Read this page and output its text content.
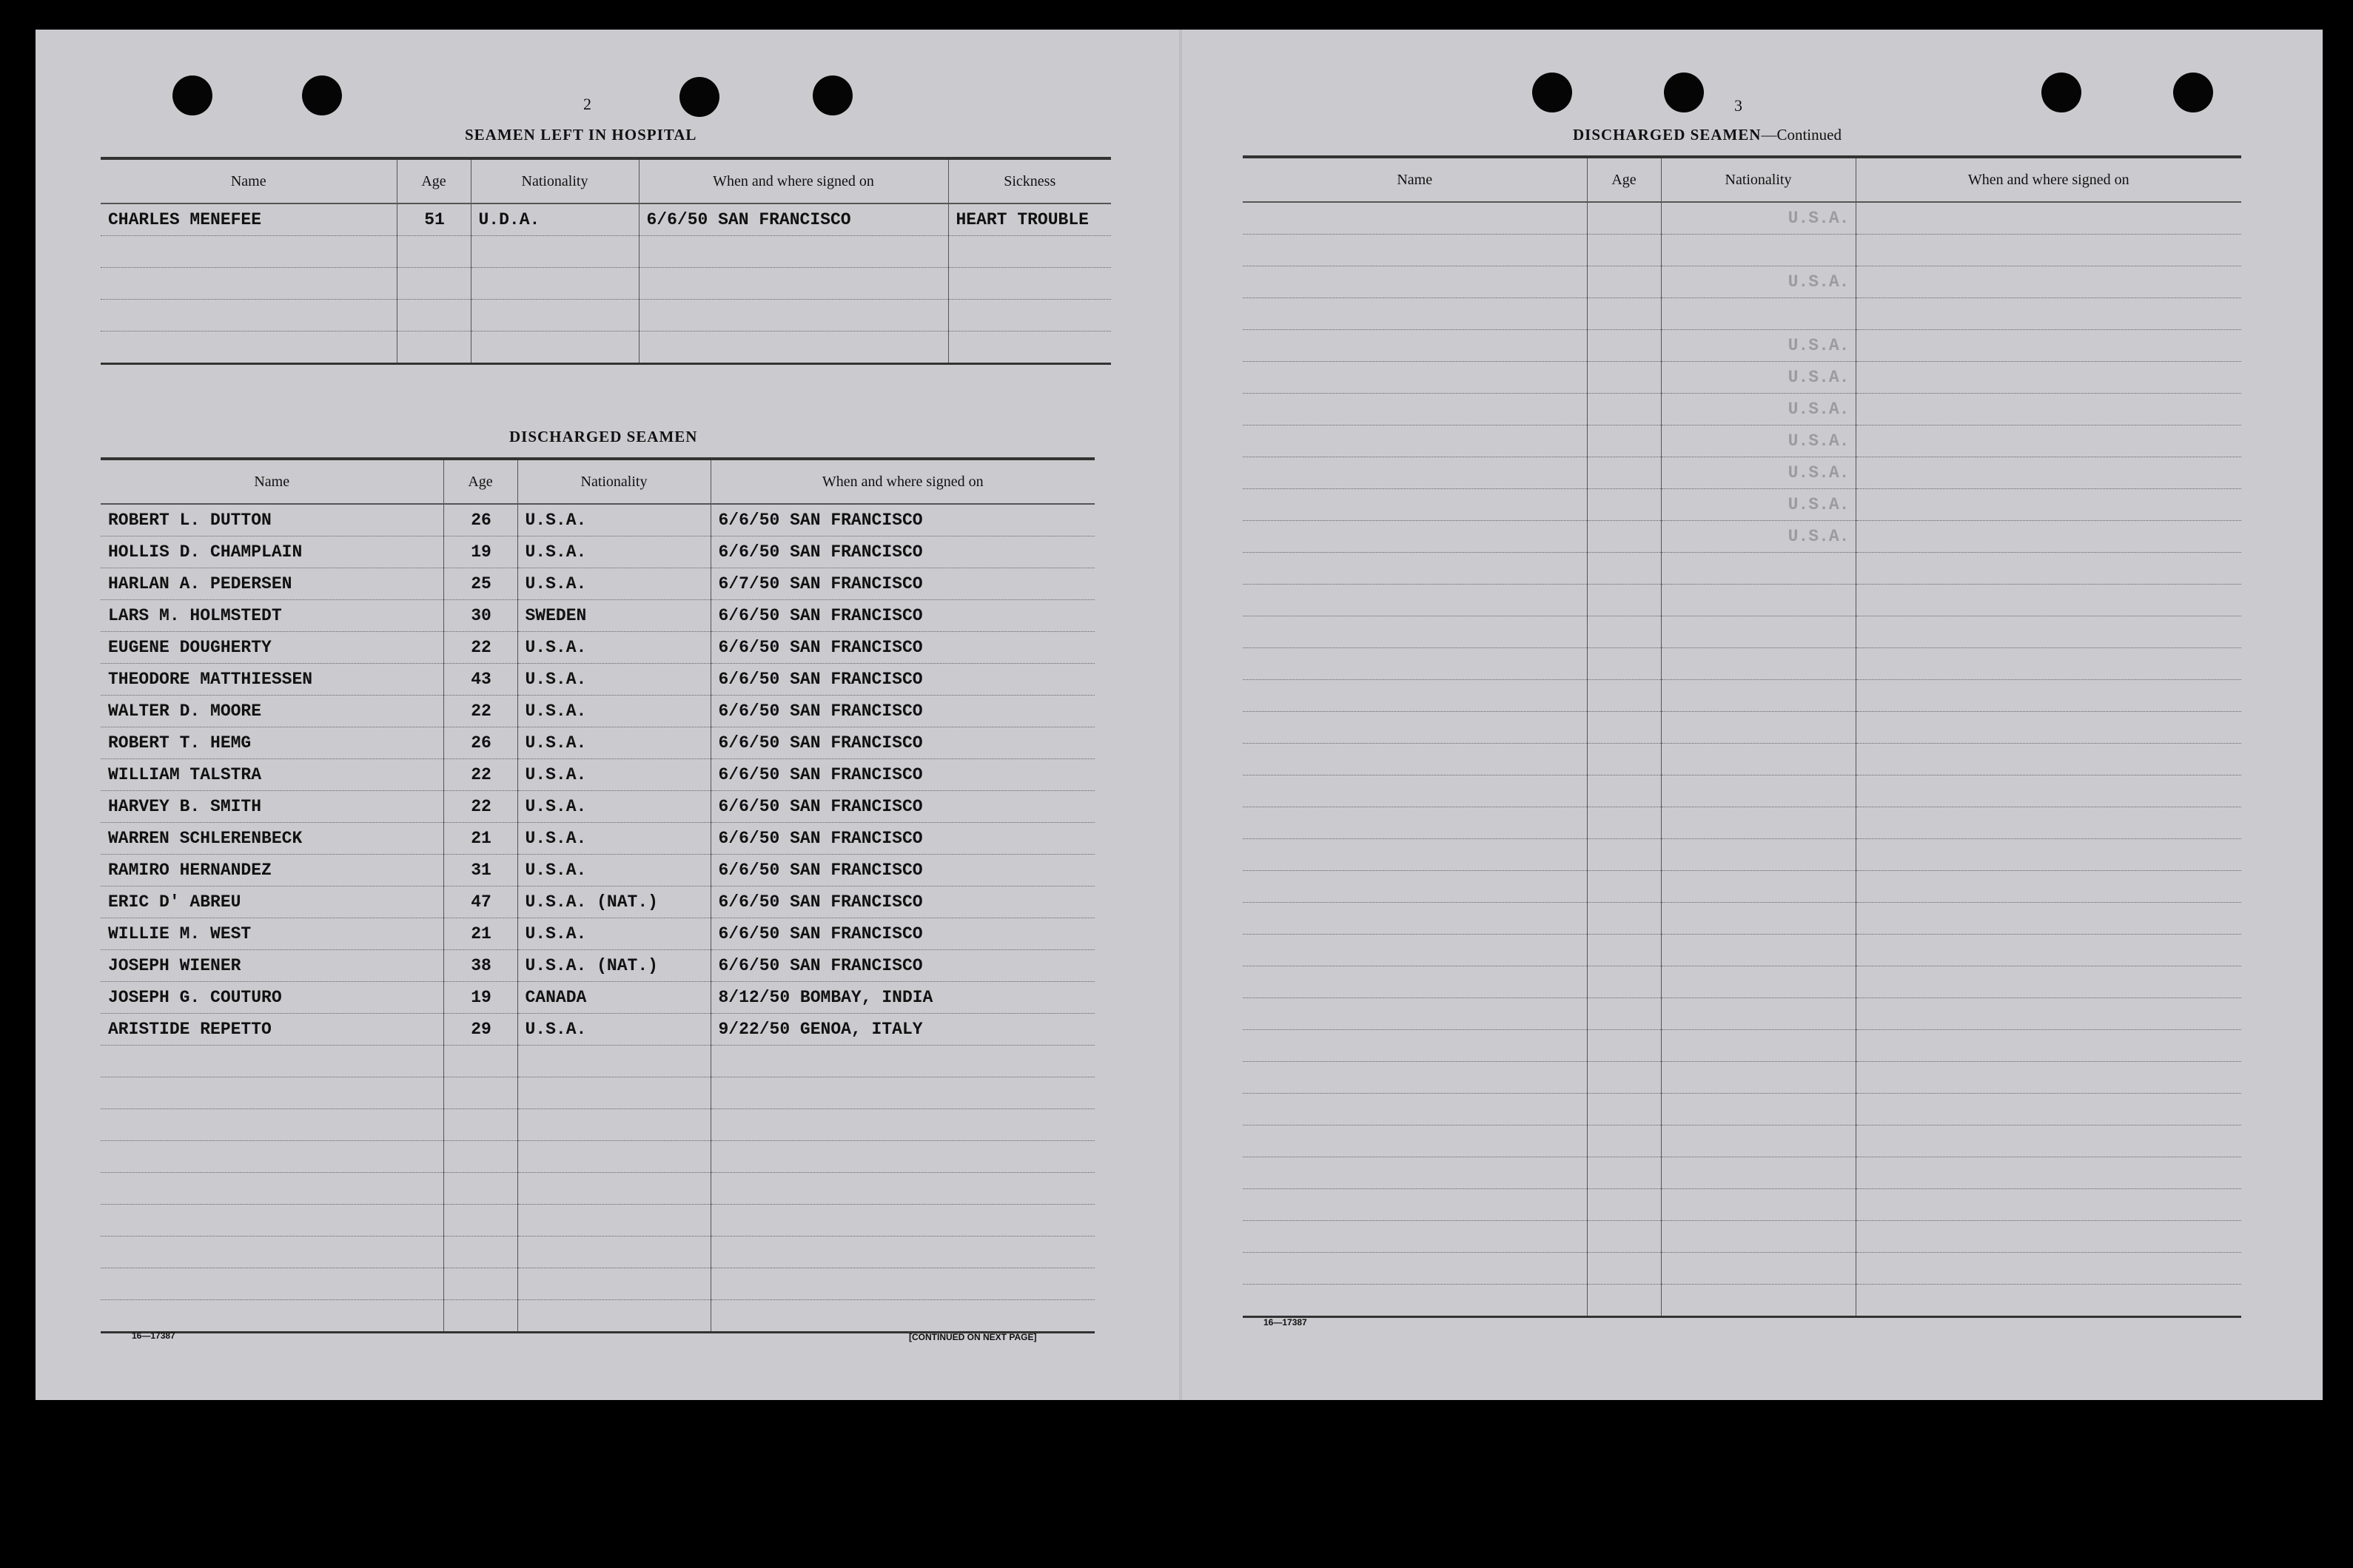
2
SEAMEN LEFT IN HOSPITAL
Name	Age	Nationality	When and where signed on	Sickness
CHARLES MENEFEE	51	U.D.A.	6/6/50 SAN FRANCISCO	HEART TROUBLE

DISCHARGED SEAMEN
Name	Age	Nationality	When and where signed on
ROBERT L. DUTTON	26	U.S.A.	6/6/50 SAN FRANCISCO
HOLLIS D. CHAMPLAIN	19	U.S.A.	6/6/50 SAN FRANCISCO
HARLAN A. PEDERSEN	25	U.S.A.	6/7/50 SAN FRANCISCO
LARS M. HOLMSTEDT	30	SWEDEN	6/6/50 SAN FRANCISCO
EUGENE DOUGHERTY	22	U.S.A.	6/6/50 SAN FRANCISCO
THEODORE MATTHIESSEN	43	U.S.A.	6/6/50 SAN FRANCISCO
WALTER D. MOORE	22	U.S.A.	6/6/50 SAN FRANCISCO
ROBERT T. HEMG	26	U.S.A.	6/6/50 SAN FRANCISCO
WILLIAM TALSTRA	22	U.S.A.	6/6/50 SAN FRANCISCO
HARVEY B. SMITH	22	U.S.A.	6/6/50 SAN FRANCISCO
WARREN SCHLERENBECK	21	U.S.A.	6/6/50 SAN FRANCISCO
RAMIRO HERNANDEZ	31	U.S.A.	6/6/50 SAN FRANCISCO
ERIC D' ABREU	47	U.S.A. (NAT.)	6/6/50 SAN FRANCISCO
WILLIE M. WEST	21	U.S.A.	6/6/50 SAN FRANCISCO
JOSEPH WIENER	38	U.S.A. (NAT.)	6/6/50 SAN FRANCISCO
JOSEPH G. COUTURO	19	CANADA	8/12/50 BOMBAY, INDIA
ARISTIDE REPETTO	29	U.S.A.	9/22/50 GENOA, ITALY

16—17387	[CONTINUED ON NEXT PAGE]
3
DISCHARGED SEAMEN—Continued
Name	Age	Nationality	When and where signed on
		U.S.A.	

		U.S.A.	

		U.S.A.	
		U.S.A.	
		U.S.A.	
		U.S.A.	
		U.S.A.	
		U.S.A.	
		U.S.A.	

16—17387
